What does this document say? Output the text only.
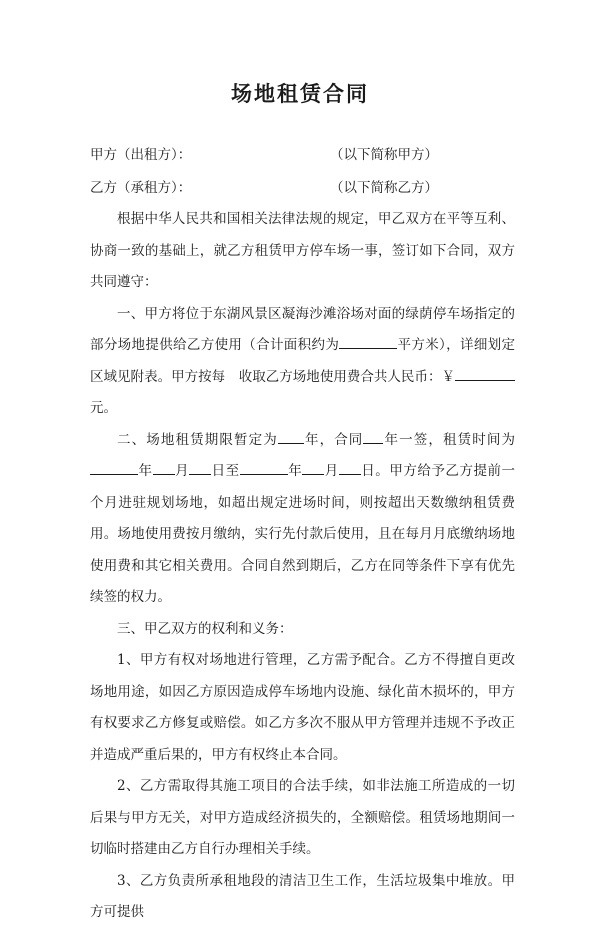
场地租赁合同
甲方（出租方）：	（以下简称甲方）
乙方（承租方）：	（以下简称乙方）

根据中华人民共和国相关法律法规的规定，甲乙双方在平等互利、协商一致的基础上，就乙方租赁甲方停车场一事，签订如下合同，双方共同遵守：

一、甲方将位于东湖风景区凝海沙滩浴场对面的绿荫停车场指定的部分场地提供给乙方使用（合计面积约为	平方米），详细划定区域见附表。甲方按每　收取乙方场地使用费合共人民币：￥元。

二、场地租赁期限暂定为 年，合同 年一签，租赁时间为年 月 日至	年 月 日。甲方给予乙方提前一个月进驻规划场地，如超出规定进场时间，则按超出天数缴纳租赁费用。场地使用费按月缴纳，实行先付款后使用，且在每月月底缴纳场地使用费和其它相关费用。合同自然到期后，乙方在同等条件下享有优先续签的权力。

三、甲乙双方的权利和义务：

1、甲方有权对场地进行管理，乙方需予配合。乙方不得擅自更改场地用途，如因乙方原因造成停车场地内设施、绿化苗木损坏的，甲方有权要求乙方修复或赔偿。如乙方多次不服从甲方管理并违规不予改正并造成严重后果的，甲方有权终止本合同。

2、乙方需取得其施工项目的合法手续，如非法施工所造成的一切后果与甲方无关，对甲方造成经济损失的，全额赔偿。租赁场地期间一切临时搭建由乙方自行办理相关手续。

3、乙方负责所承租地段的清洁卫生工作，生活垃圾集中堆放。甲方可提供
